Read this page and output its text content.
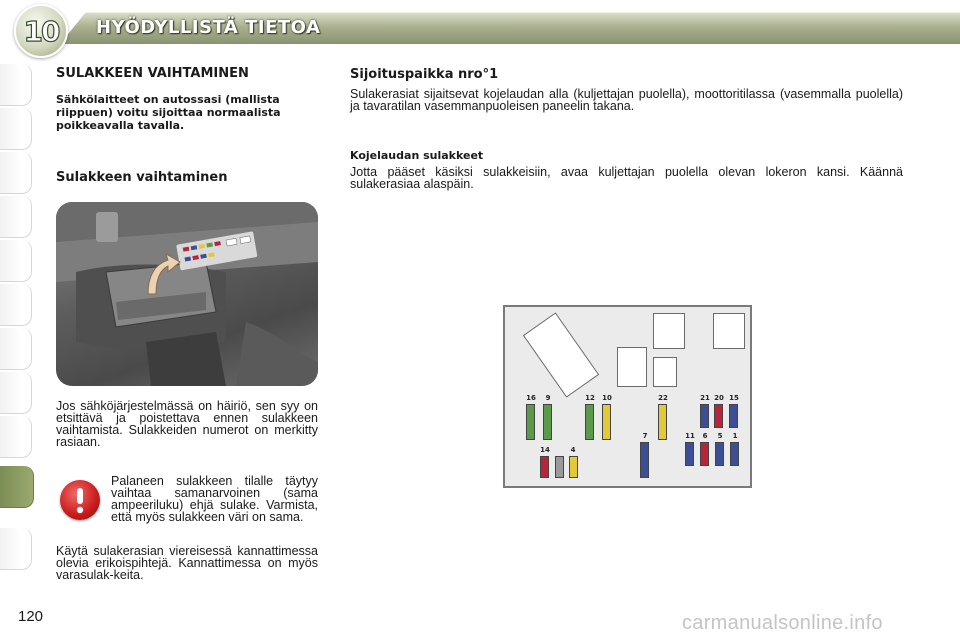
10	HYÖDYLLISTÄ TIETOA
SULAKKEEN VAIHTAMINEN
Sähkölaitteet on autossasi (mallista riippuen) voitu sijoittaa normaalista poikkeavalla tavalla.
Sulakkeen vaihtaminen
Jos sähköjärjestelmässä on häiriö, sen syy on etsittävä ja poistettava ennen sulakkeen vaihtamista. Sulakkeiden numerot on merkitty rasiaan.
Palaneen sulakkeen tilalle täytyy vaihtaa samanarvoinen (sama ampeeriluku) ehjä sulake. Varmista, että myös sulakkeen väri on sama.
Käytä sulakerasian viereisessä kannattimessa olevia erikoispihtejä. Kannattimessa on myös varasulak-keita.
Sijoituspaikka nro°1
Sulakerasiat sijaitsevat kojelaudan alla (kuljettajan puolella), moottoritilassa (vasemmalla puolella) ja tavaratilan vasemmanpuoleisen paneelin takana.
Kojelaudan sulakkeet
Jotta pääset käsiksi sulakkeisiin, avaa kuljettajan puolella olevan lokeron kansi. Käännä sulakerasiaa alaspäin.
16	9	12	10	22	21 20 15
14	4
7	11	6	5	1
120	carmanualsonline.info
